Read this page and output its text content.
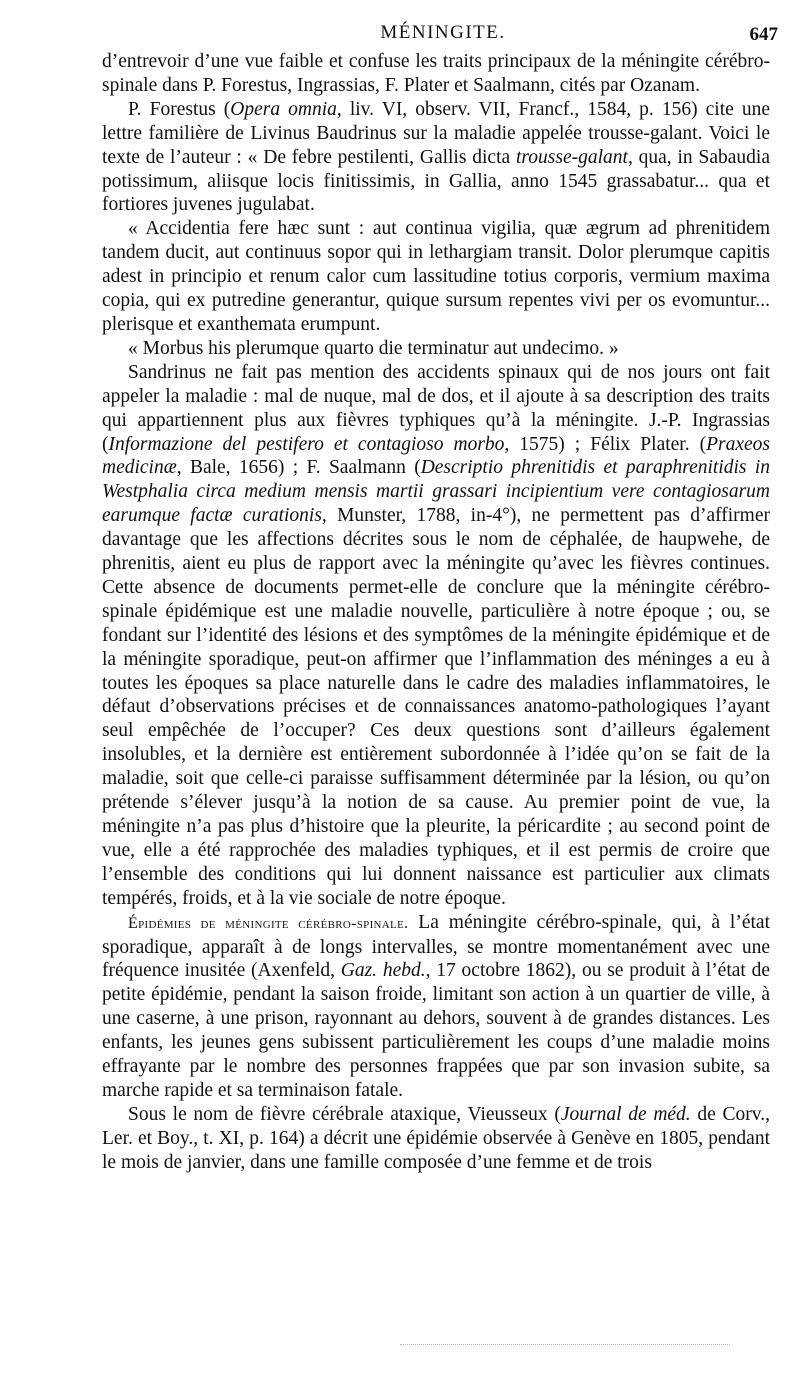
MÉNINGITE.	647

d’entrevoir d’une vue faible et confuse les traits principaux de la méningite cérébro-spinale dans P. Forestus, Ingrassias, F. Plater et Saalmann, cités par Ozanam.

P. Forestus (Opera omnia, liv. VI, observ. VII, Francf., 1584, p. 156) cite une lettre familière de Livinus Baudrinus sur la maladie appelée trousse-galant. Voici le texte de l’auteur : « De febre pestilenti, Gallis dicta trousse-galant, qua, in Sabaudia potissimum, aliisque locis finitissimis, in Gallia, anno 1545 grassabatur... qua et fortiores juvenes jugulabat.

« Accidentia fere hæc sunt : aut continua vigilia, quæ ægrum ad phrenitidem tandem ducit, aut continuus sopor qui in lethargiam transit. Dolor plerumque capitis adest in principio et renum calor cum lassitudine totius corporis, vermium maxima copia, qui ex putredine generantur, quique sursum repentes vivi per os evomuntur... plerisque et exanthemata erumpunt.

« Morbus his plerumque quarto die terminatur aut undecimo. »

Sandrinus ne fait pas mention des accidents spinaux qui de nos jours ont fait appeler la maladie : mal de nuque, mal de dos, et il ajoute à sa description des traits qui appartiennent plus aux fièvres typhiques qu’à la méningite. J.-P. Ingrassias (Informazione del pestifero et contagioso morbo, 1575) ; Félix Plater. (Praxeos medicinæ, Bale, 1656) ; F. Saalmann (Descriptio phrenitidis et paraphrenitidis in Westphalia circa medium mensis martii grassari incipientium vere contagiosarum earumque factæ curationis, Munster, 1788, in-4°), ne permettent pas d’affirmer davantage que les affections décrites sous le nom de céphalée, de haupwehe, de phrenitis, aient eu plus de rapport avec la méningite qu’avec les fièvres continues. Cette absence de documents permet-elle de conclure que la méningite cérébro-spinale épidémique est une maladie nouvelle, particulière à notre époque ; ou, se fondant sur l’identité des lésions et des symptômes de la méningite épidémique et de la méningite sporadique, peut-on affirmer que l’inflammation des méninges a eu à toutes les époques sa place naturelle dans le cadre des maladies inflammatoires, le défaut d’observations précises et de connaissances anatomo-pathologiques l’ayant seul empêchée de l’occuper? Ces deux questions sont d’ailleurs également insolubles, et la dernière est entièrement subordonnée à l’idée qu’on se fait de la maladie, soit que celle-ci paraisse suffisamment déterminée par la lésion, ou qu’on prétende s’élever jusqu’à la notion de sa cause. Au premier point de vue, la méningite n’a pas plus d’histoire que la pleurite, la péricardite ; au second point de vue, elle a été rapprochée des maladies typhiques, et il est permis de croire que l’ensemble des conditions qui lui donnent naissance est particulier aux climats tempérés, froids, et à la vie sociale de notre époque.

Épidémies de méningite cérébro-spinale. La méningite cérébro-spinale, qui, à l’état sporadique, apparaît à de longs intervalles, se montre momentanément avec une fréquence inusitée (Axenfeld, Gaz. hebd., 17 octobre 1862), ou se produit à l’état de petite épidémie, pendant la saison froide, limitant son action à un quartier de ville, à une caserne, à une prison, rayonnant au dehors, souvent à de grandes distances. Les enfants, les jeunes gens subissent particulièrement les coups d’une maladie moins effrayante par le nombre des personnes frappées que par son invasion subite, sa marche rapide et sa terminaison fatale.

Sous le nom de fièvre cérébrale ataxique, Vieusseux (Journal de méd. de Corv., Ler. et Boy., t. XI, p. 164) a décrit une épidémie observée à Genève en 1805, pendant le mois de janvier, dans une famille composée d’une femme et de trois
